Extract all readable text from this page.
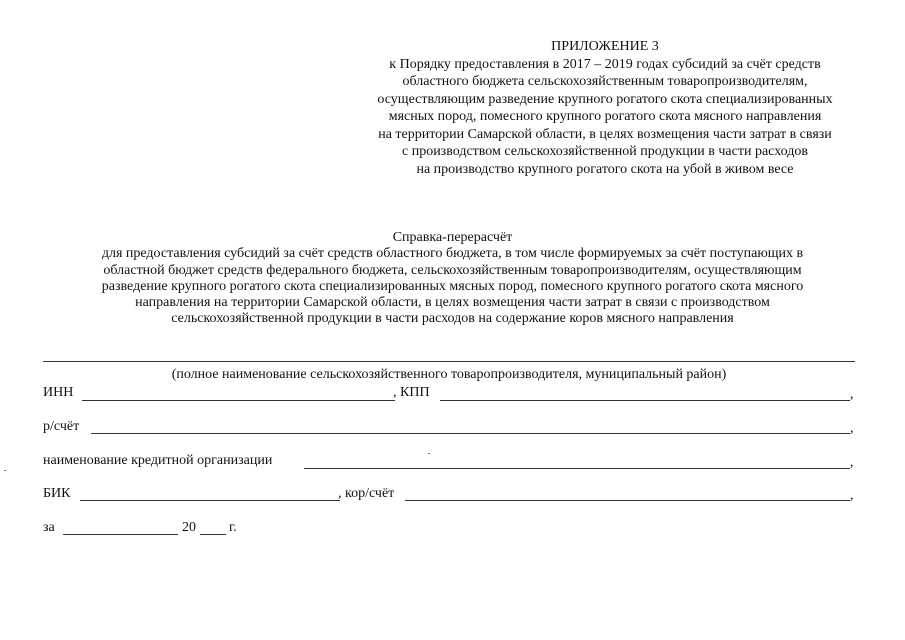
ПРИЛОЖЕНИЕ 3
к Порядку предоставления в 2017 – 2019 годах субсидий за счёт средств
областного бюджета сельскохозяйственным товаропроизводителям,
осуществляющим разведение крупного рогатого скота специализированных
мясных пород, помесного крупного рогатого скота мясного направления
на территории Самарской области, в целях возмещения части затрат в связи
с производством сельскохозяйственной продукции в части расходов
на производство крупного рогатого скота на убой в живом весе
Справка-перерасчёт
для предоставления субсидий за счёт средств областного бюджета, в том числе формируемых за счёт поступающих в
областной бюджет средств федерального бюджета, сельскохозяйственным товаропроизводителям, осуществляющим
разведение крупного рогатого скота специализированных мясных пород, помесного крупного рогатого скота мясного
направления на территории Самарской области, в целях возмещения части затрат в связи с производством
сельскохозяйственной продукции в части расходов на содержание коров мясного направления
(полное наименование сельскохозяйственного товаропроизводителя, муниципальный район)
ИНН	, КПП	,
р/счёт	,
наименование кредитной организации	,
БИК	, кор/счёт	,
за	20 г.
